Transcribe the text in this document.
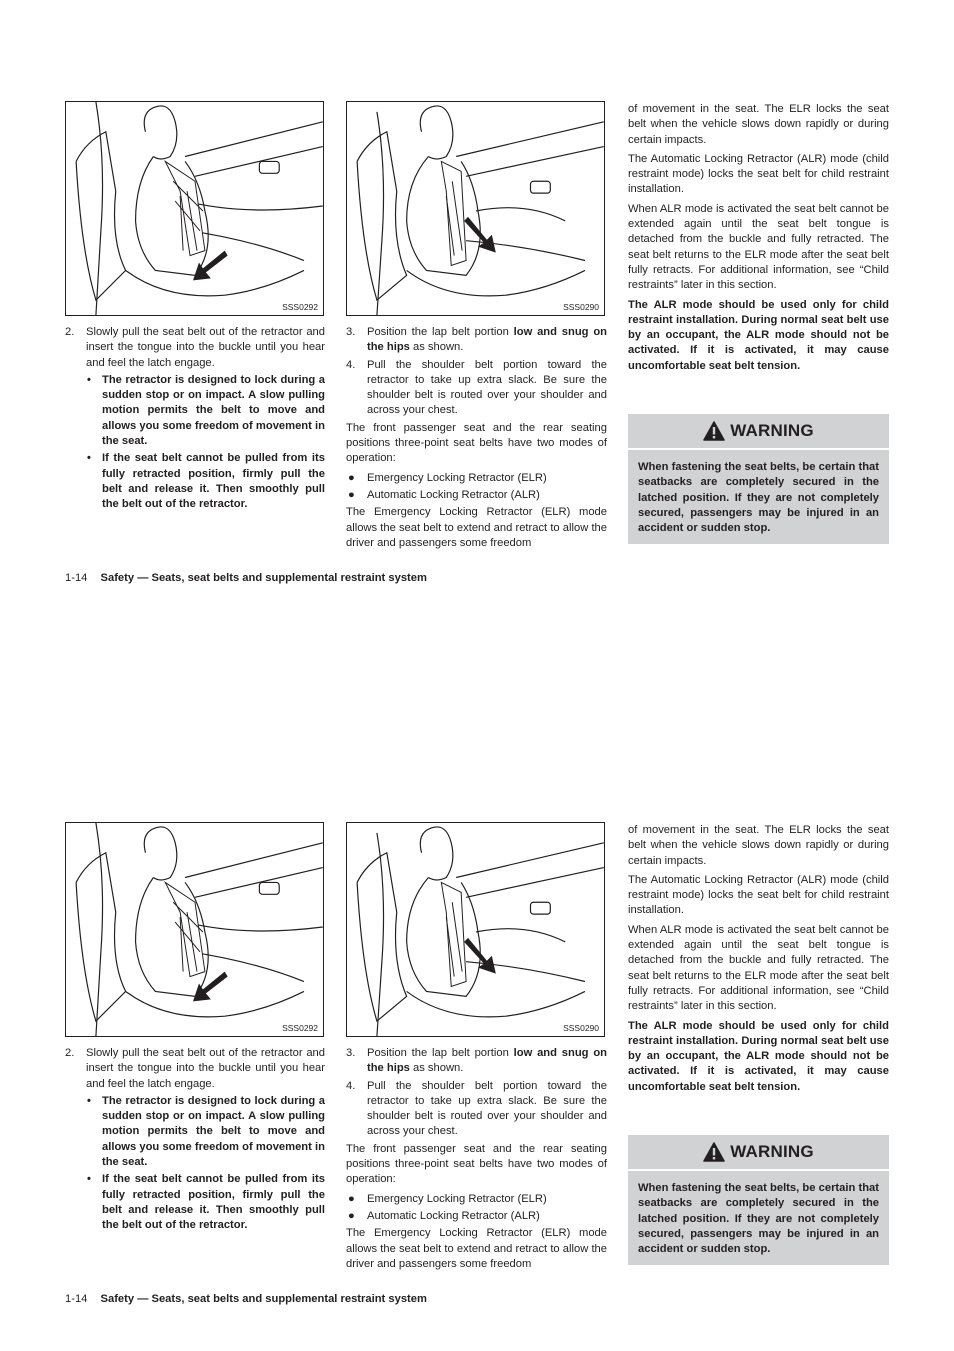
SSS0292	SSS0290
2. Slowly pull the seat belt out of the retractor and insert the tongue into the buckle until you hear and feel the latch engage.
• The retractor is designed to lock during a sudden stop or on impact. A slow pulling motion permits the belt to move and allows you some freedom of movement in the seat.
• If the seat belt cannot be pulled from its fully retracted position, firmly pull the belt and release it. Then smoothly pull the belt out of the retractor.
3. Position the lap belt portion low and snug on the hips as shown.
4. Pull the shoulder belt portion toward the retractor to take up extra slack. Be sure the shoulder belt is routed over your shoulder and across your chest.

The front passenger seat and the rear seating positions three-point seat belts have two modes of operation:

● Emergency Locking Retractor (ELR)
● Automatic Locking Retractor (ALR)

The Emergency Locking Retractor (ELR) mode allows the seat belt to extend and retract to allow the driver and passengers some freedom

of movement in the seat. The ELR locks the seat belt when the vehicle slows down rapidly or during certain impacts.

The Automatic Locking Retractor (ALR) mode (child restraint mode) locks the seat belt for child restraint installation.

When ALR mode is activated the seat belt cannot be extended again until the seat belt tongue is detached from the buckle and fully retracted. The seat belt returns to the ELR mode after the seat belt fully retracts. For additional information, see “Child restraints” later in this section.

The ALR mode should be used only for child restraint installation. During normal seat belt use by an occupant, the ALR mode should not be activated. If it is activated, it may cause uncomfortable seat belt tension.

WARNING
When fastening the seat belts, be certain that seatbacks are completely secured in the latched position. If they are not completely secured, passengers may be injured in an accident or sudden stop.
1-14 Safety — Seats, seat belts and supplemental restraint system
SSS0292	SSS0290
2. Slowly pull the seat belt out of the retractor and insert the tongue into the buckle until you hear and feel the latch engage.
• The retractor is designed to lock during a sudden stop or on impact. A slow pulling motion permits the belt to move and allows you some freedom of movement in the seat.
• If the seat belt cannot be pulled from its fully retracted position, firmly pull the belt and release it. Then smoothly pull the belt out of the retractor.
3. Position the lap belt portion low and snug on the hips as shown.
4. Pull the shoulder belt portion toward the retractor to take up extra slack. Be sure the shoulder belt is routed over your shoulder and across your chest.

The front passenger seat and the rear seating positions three-point seat belts have two modes of operation:

● Emergency Locking Retractor (ELR)
● Automatic Locking Retractor (ALR)

The Emergency Locking Retractor (ELR) mode allows the seat belt to extend and retract to allow the driver and passengers some freedom

of movement in the seat. The ELR locks the seat belt when the vehicle slows down rapidly or during certain impacts.

The Automatic Locking Retractor (ALR) mode (child restraint mode) locks the seat belt for child restraint installation.

When ALR mode is activated the seat belt cannot be extended again until the seat belt tongue is detached from the buckle and fully retracted. The seat belt returns to the ELR mode after the seat belt fully retracts. For additional information, see “Child restraints” later in this section.

The ALR mode should be used only for child restraint installation. During normal seat belt use by an occupant, the ALR mode should not be activated. If it is activated, it may cause uncomfortable seat belt tension.

WARNING
When fastening the seat belts, be certain that seatbacks are completely secured in the latched position. If they are not completely secured, passengers may be injured in an accident or sudden stop.
1-14 Safety — Seats, seat belts and supplemental restraint system
